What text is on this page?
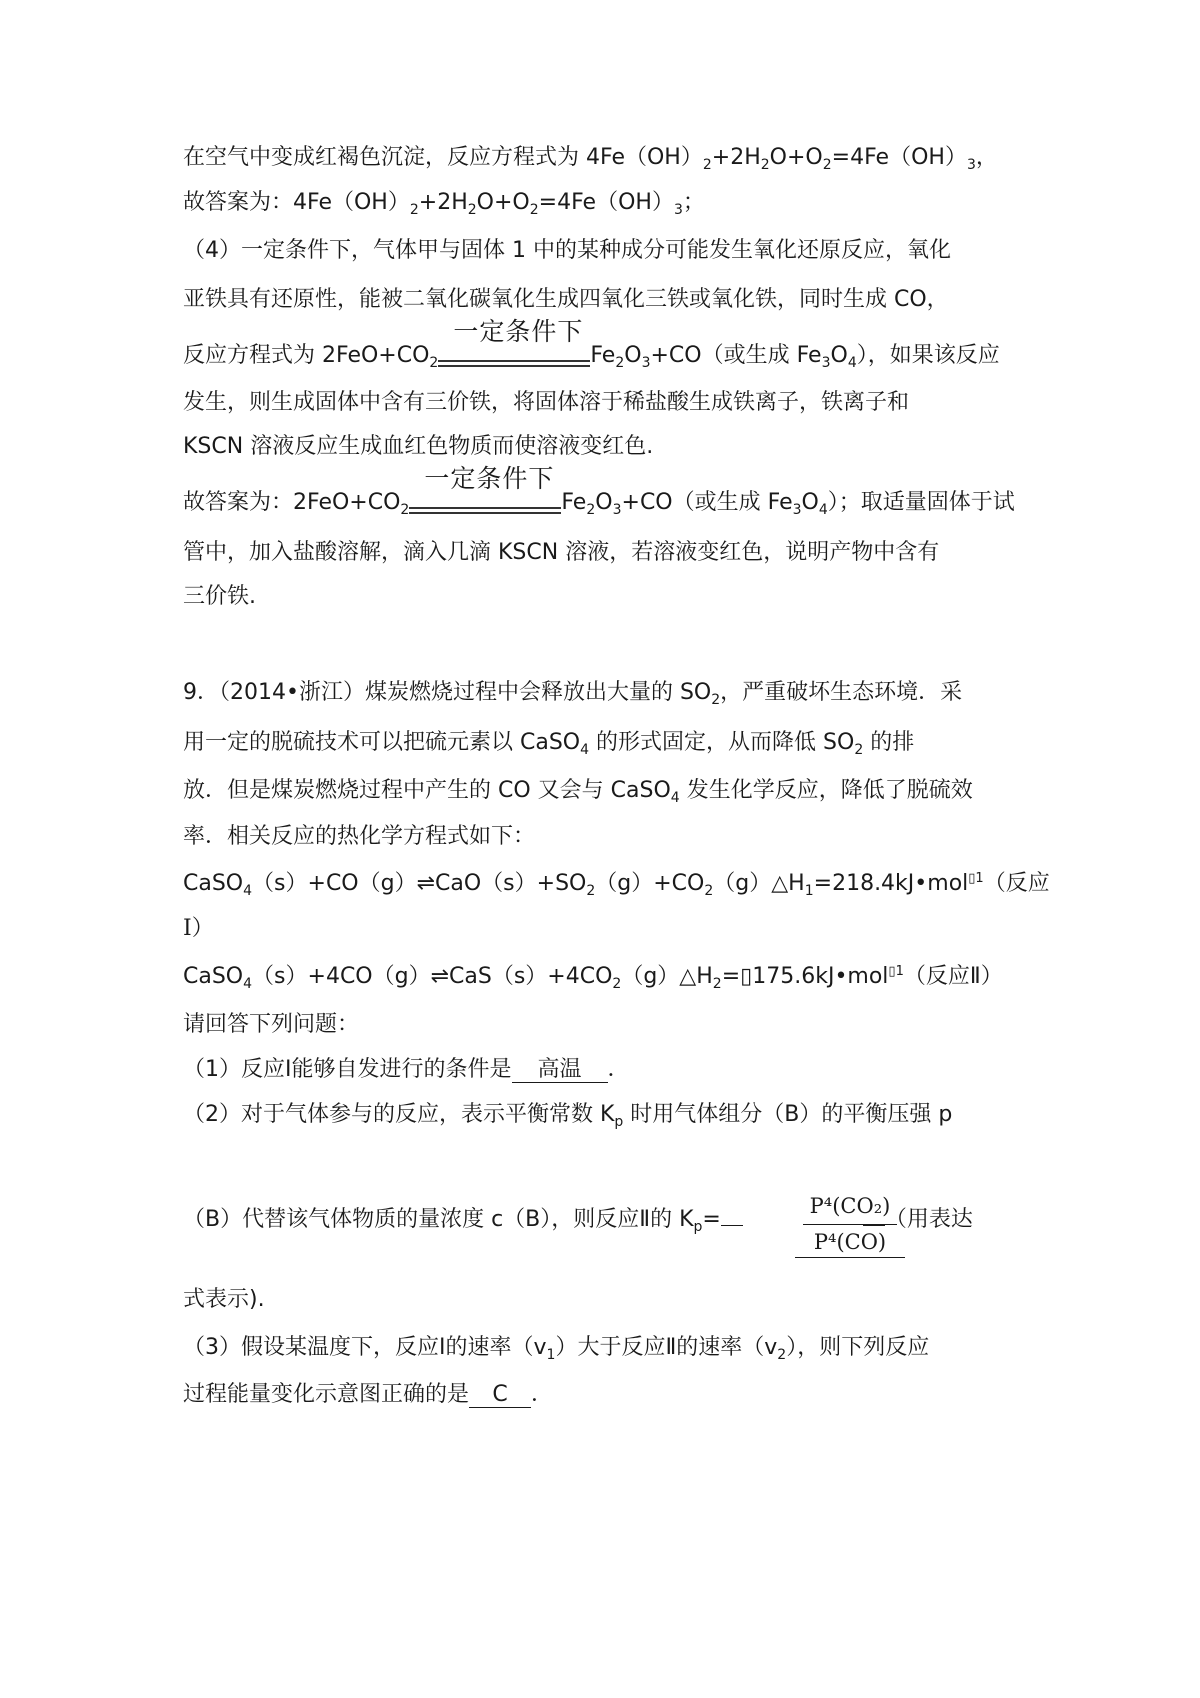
在空气中变成红褐色沉淀，反应方程式为 $4Fe(OH)_2+2H_2O+O_2=4Fe(OH)_3$，
故答案为：$4Fe(OH)_2+2H_2O+O_2=4Fe(OH)_3$；
（4）一定条件下，气体甲与固体 1 中的某种成分可能发生氧化还原反应，氧化
亚铁具有还原性，能被二氧化碳氧化生成四氧化三铁或氧化铁，同时生成 CO，
反应方程式为 $2FeO+CO_2$
一定条件下
$Fe_2O_3+CO$（或生成 $Fe_3O_4$），如果该反应
发生，则生成固体中含有三价铁，将固体溶于稀盐酸生成铁离子，铁离子和
KSCN 溶液反应生成血红色物质而使溶液变红色.
故答案为：$2FeO+CO_2$
一定条件下
$Fe_2O_3+CO$（或生成 $Fe_3O_4$）；取适量固体于试
管中，加入盐酸溶解，滴入几滴 KSCN 溶液，若溶液变红色，说明产物中含有
三价铁.
9．（2014•浙江）煤炭燃烧过程中会释放出大量的 $SO_2$，严重破坏生态环境．采
用一定的脱硫技术可以把硫元素以 CaSO$_4$ 的形式固定，从而降低 $SO_2$ 的排
放．但是煤炭燃烧过程中产生的 CO 又会与 CaSO$_4$ 发生化学反应，降低了脱硫效
率．相关反应的热化学方程式如下：
$CaSO_4(s)+CO(g)\rightleftharpoons CaO(s)+SO_2(g)+CO_2(g)\triangle H_1=218.4kJ•mol^{▯1}$（反应
Ⅰ）
$CaSO_4(s)+4CO(g)\rightleftharpoons CaS(s)+4CO_2(g)\triangle H_2=▯175.6kJ•mol^{▯1}$（反应Ⅱ）
请回答下列问题：
（1）反应Ⅰ能够自发进行的条件是 高温 ．
（2）对于气体参与的反应，表示平衡常数 $K_p$ 时用气体组分（B）的平衡压强 p
（B）代替该气体物质的量浓度 c（B），则反应Ⅱ的 $K_p=$	（用表达
P⁴(CO₂)
P⁴(CO)
式表示).
（3）假设某温度下，反应Ⅰ的速率$(v_1)$大于反应Ⅱ的速率$(v_2)$，则下列反应
过程能量变化示意图正确的是 C ．
